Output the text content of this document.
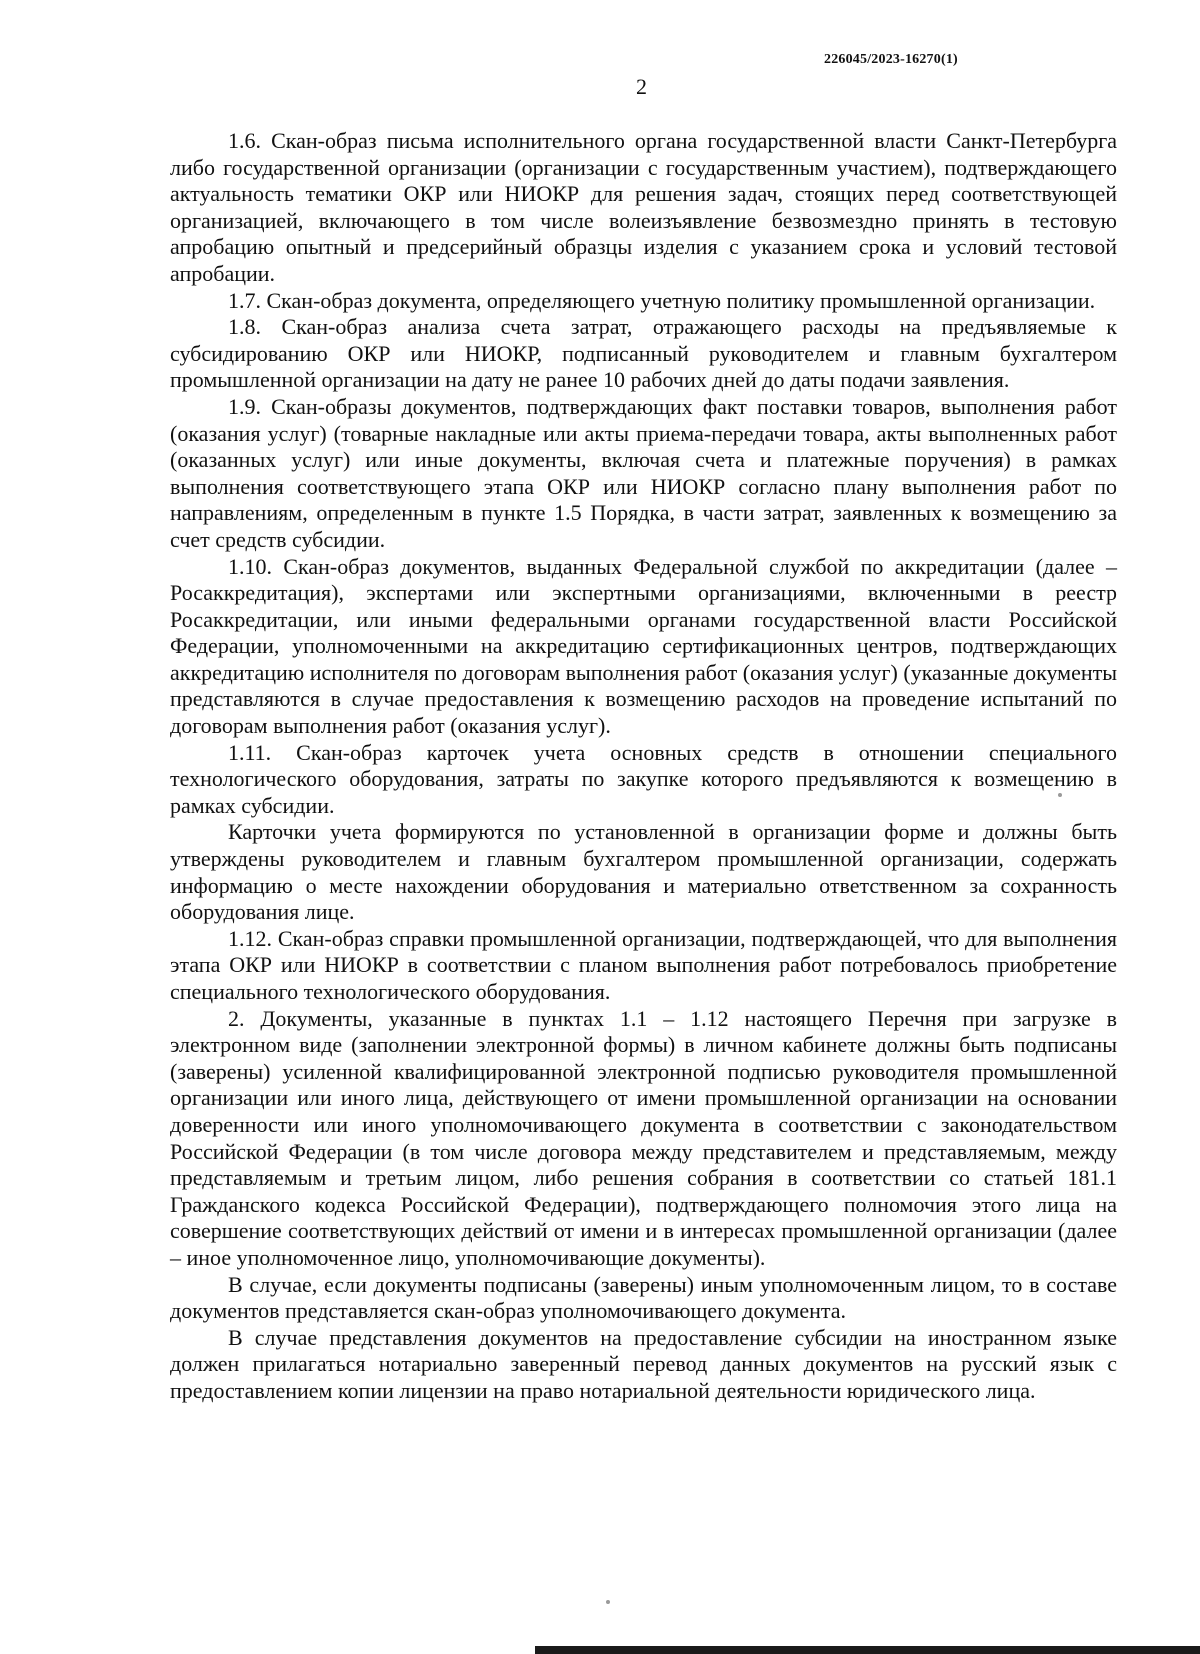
226045/2023-16270(1)
2

1.6. Скан-образ письма исполнительного органа государственной власти Санкт-Петербурга либо государственной организации (организации с государственным участием), подтверждающего актуальность тематики ОКР или НИОКР для решения задач, стоящих перед соответствующей организацией, включающего в том числе волеизъявление безвозмездно принять в тестовую апробацию опытный и предсерийный образцы изделия с указанием срока и условий тестовой апробации.

1.7. Скан-образ документа, определяющего учетную политику промышленной организации.

1.8. Скан-образ анализа счета затрат, отражающего расходы на предъявляемые к субсидированию ОКР или НИОКР, подписанный руководителем и главным бухгалтером промышленной организации на дату не ранее 10 рабочих дней до даты подачи заявления.

1.9. Скан-образы документов, подтверждающих факт поставки товаров, выполнения работ (оказания услуг) (товарные накладные или акты приема-передачи товара, акты выполненных работ (оказанных услуг) или иные документы, включая счета и платежные поручения) в рамках выполнения соответствующего этапа ОКР или НИОКР согласно плану выполнения работ по направлениям, определенным в пункте 1.5 Порядка, в части затрат, заявленных к возмещению за счет средств субсидии.

1.10. Скан-образ документов, выданных Федеральной службой по аккредитации (далее – Росаккредитация), экспертами или экспертными организациями, включенными в реестр Росаккредитации, или иными федеральными органами государственной власти Российской Федерации, уполномоченными на аккредитацию сертификационных центров, подтверждающих аккредитацию исполнителя по договорам выполнения работ (оказания услуг) (указанные документы представляются в случае предоставления к возмещению расходов на проведение испытаний по договорам выполнения работ (оказания услуг).

1.11. Скан-образ карточек учета основных средств в отношении специального технологического оборудования, затраты по закупке которого предъявляются к возмещению в рамках субсидии.

Карточки учета формируются по установленной в организации форме и должны быть утверждены руководителем и главным бухгалтером промышленной организации, содержать информацию о месте нахождении оборудования и материально ответственном за сохранность оборудования лице.

1.12. Скан-образ справки промышленной организации, подтверждающей, что для выполнения этапа ОКР или НИОКР в соответствии с планом выполнения работ потребовалось приобретение специального технологического оборудования.

2. Документы, указанные в пунктах 1.1 – 1.12 настоящего Перечня при загрузке в электронном виде (заполнении электронной формы) в личном кабинете должны быть подписаны (заверены) усиленной квалифицированной электронной подписью руководителя промышленной организации или иного лица, действующего от имени промышленной организации на основании доверенности или иного уполномочивающего документа в соответствии с законодательством Российской Федерации (в том числе договора между представителем и представляемым, между представляемым и третьим лицом, либо решения собрания в соответствии со статьей 181.1 Гражданского кодекса Российской Федерации), подтверждающего полномочия этого лица на совершение соответствующих действий от имени и в интересах промышленной организации (далее – иное уполномоченное лицо, уполномочивающие документы).

В случае, если документы подписаны (заверены) иным уполномоченным лицом, то в составе документов представляется скан-образ уполномочивающего документа.

В случае представления документов на предоставление субсидии на иностранном языке должен прилагаться нотариально заверенный перевод данных документов на русский язык с предоставлением копии лицензии на право нотариальной деятельности юридического лица.
